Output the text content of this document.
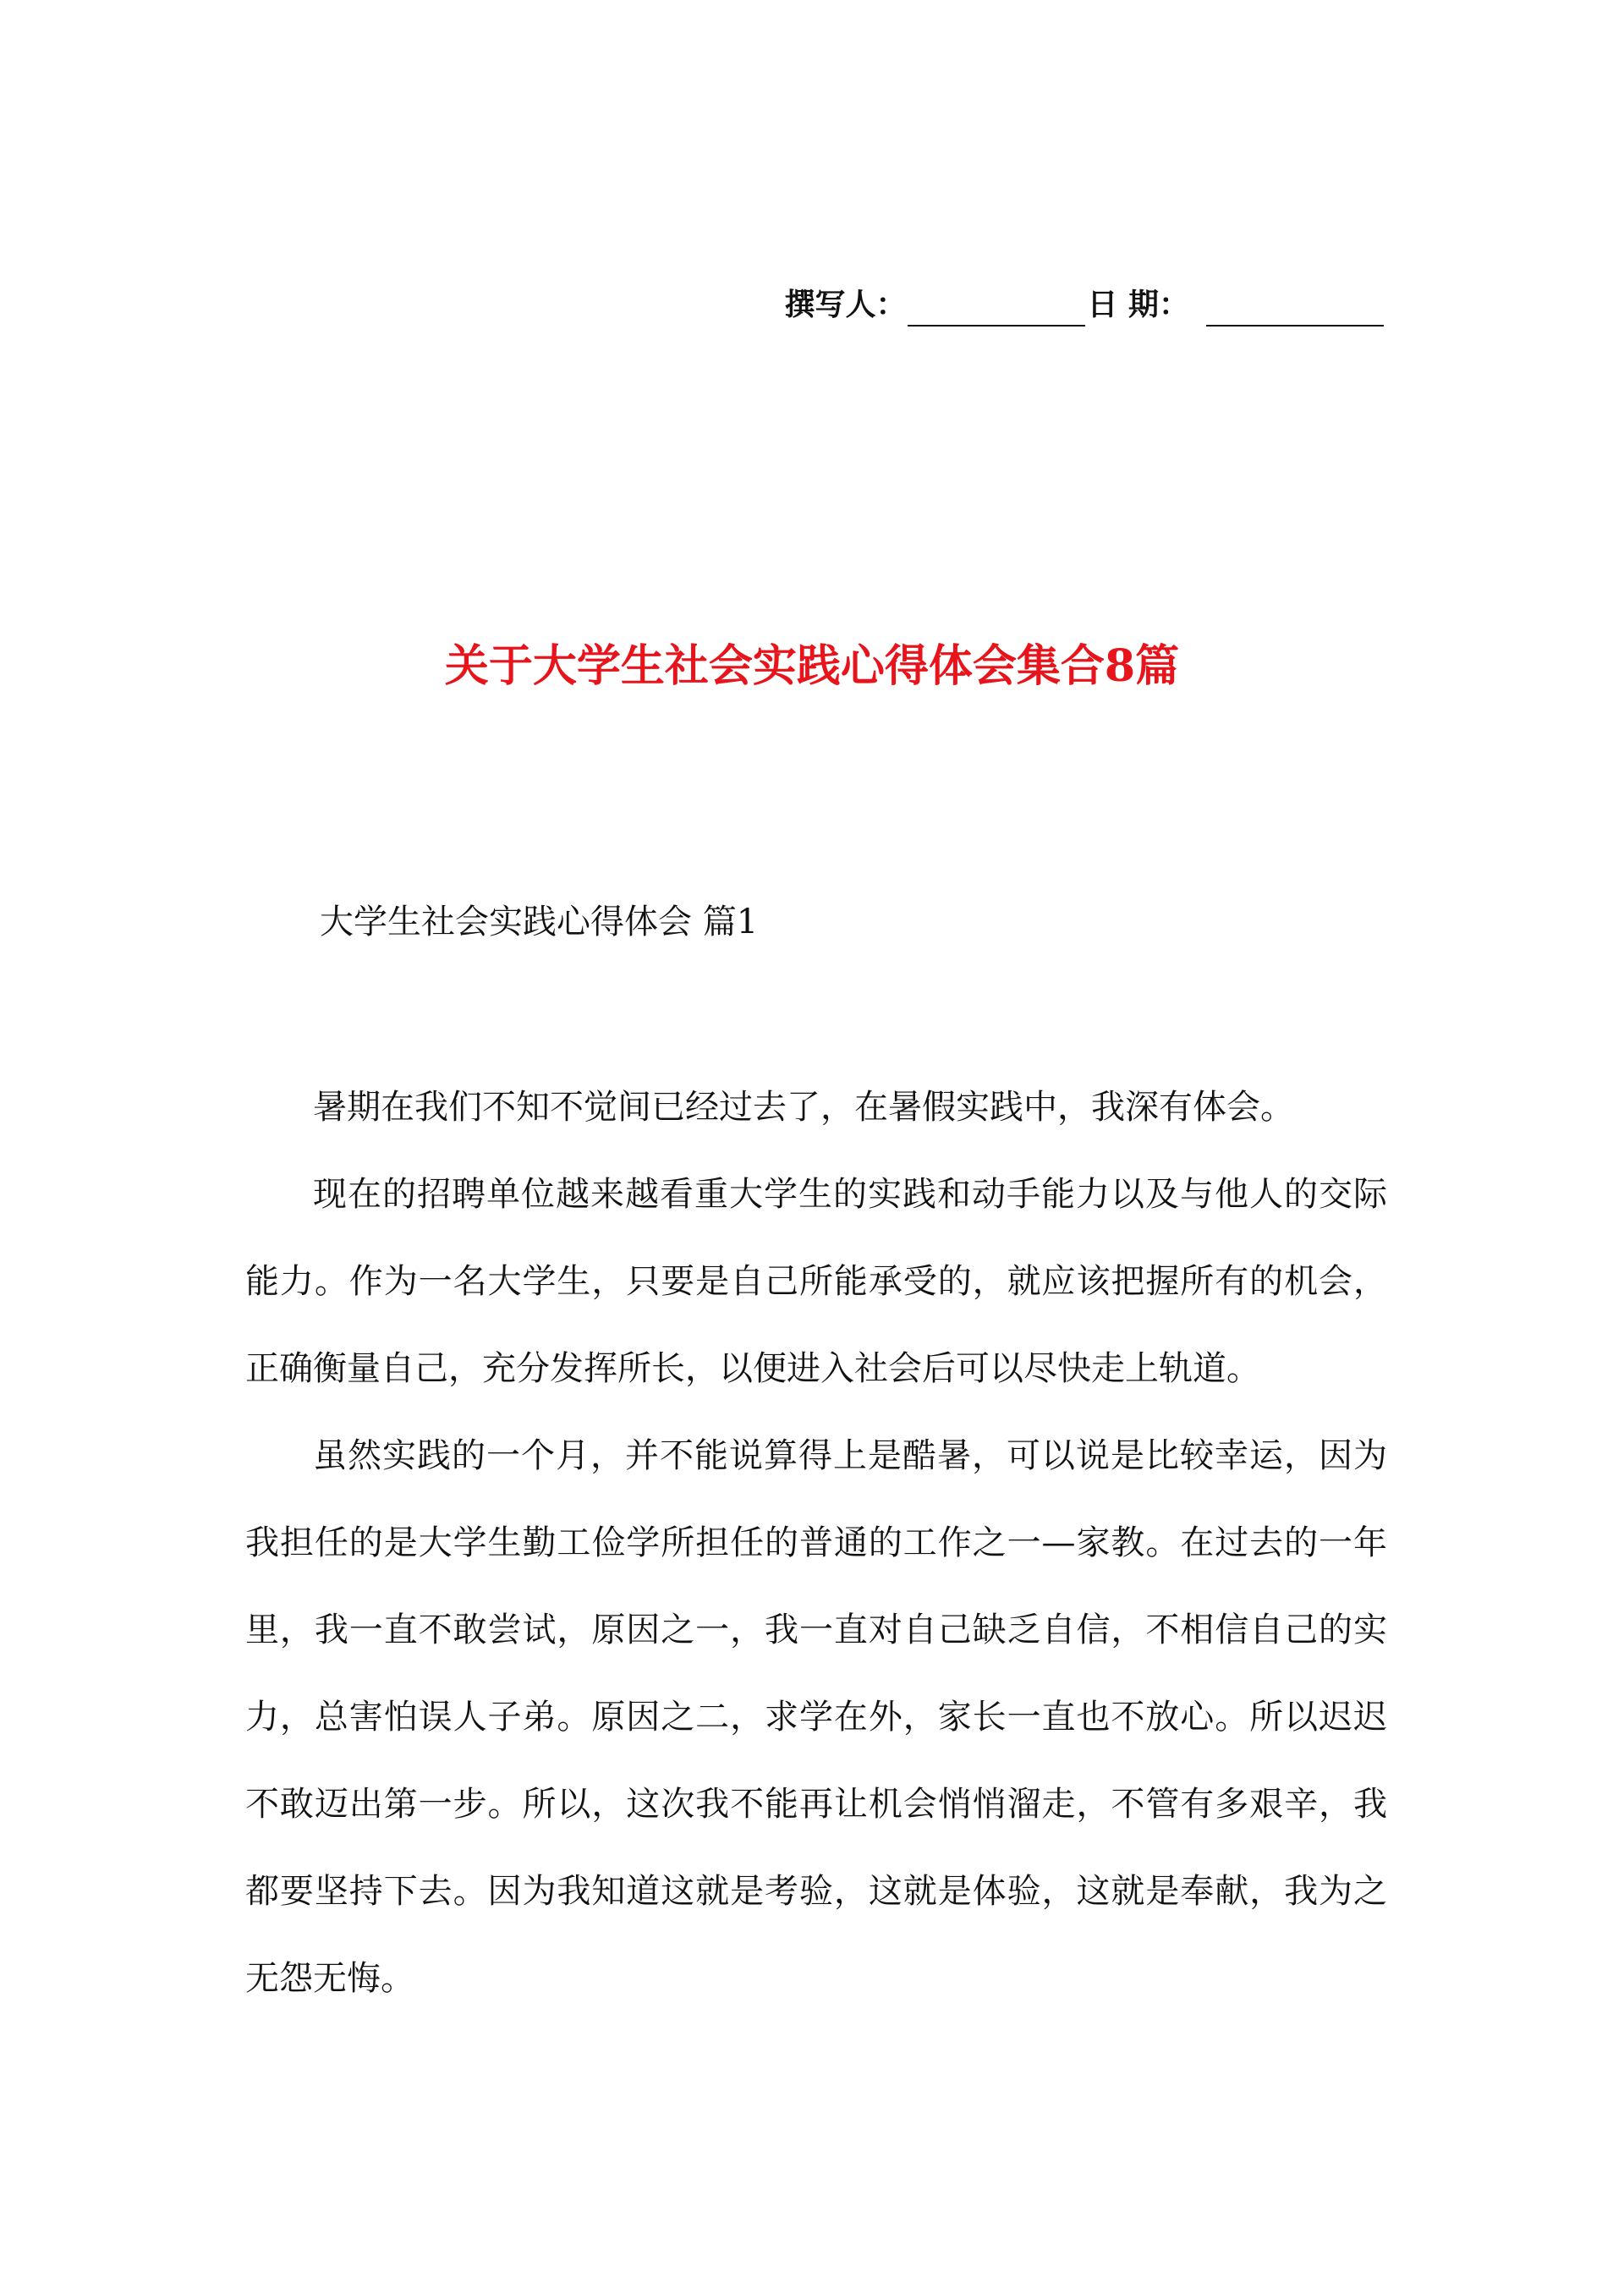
撰写人：	日 期：
关于大学生社会实践心得体会集合8篇
大学生社会实践心得体会 篇1

暑期在我们不知不觉间已经过去了，在暑假实践中，我深有体会。

现在的招聘单位越来越看重大学生的实践和动手能力以及与他人的交际能力。作为一名大学生，只要是自己所能承受的，就应该把握所有的机会，正确衡量自己，充分发挥所长，以便进入社会后可以尽快走上轨道。

虽然实践的一个月，并不能说算得上是酷暑，可以说是比较幸运，因为我担任的是大学生勤工俭学所担任的普通的工作之一—家教。在过去的一年里，我一直不敢尝试，原因之一，我一直对自己缺乏自信，不相信自己的实力，总害怕误人子弟。原因之二，求学在外，家长一直也不放心。所以迟迟不敢迈出第一步。所以，这次我不能再让机会悄悄溜走，不管有多艰辛，我都要坚持下去。因为我知道这就是考验，这就是体验，这就是奉献，我为之无怨无悔。
